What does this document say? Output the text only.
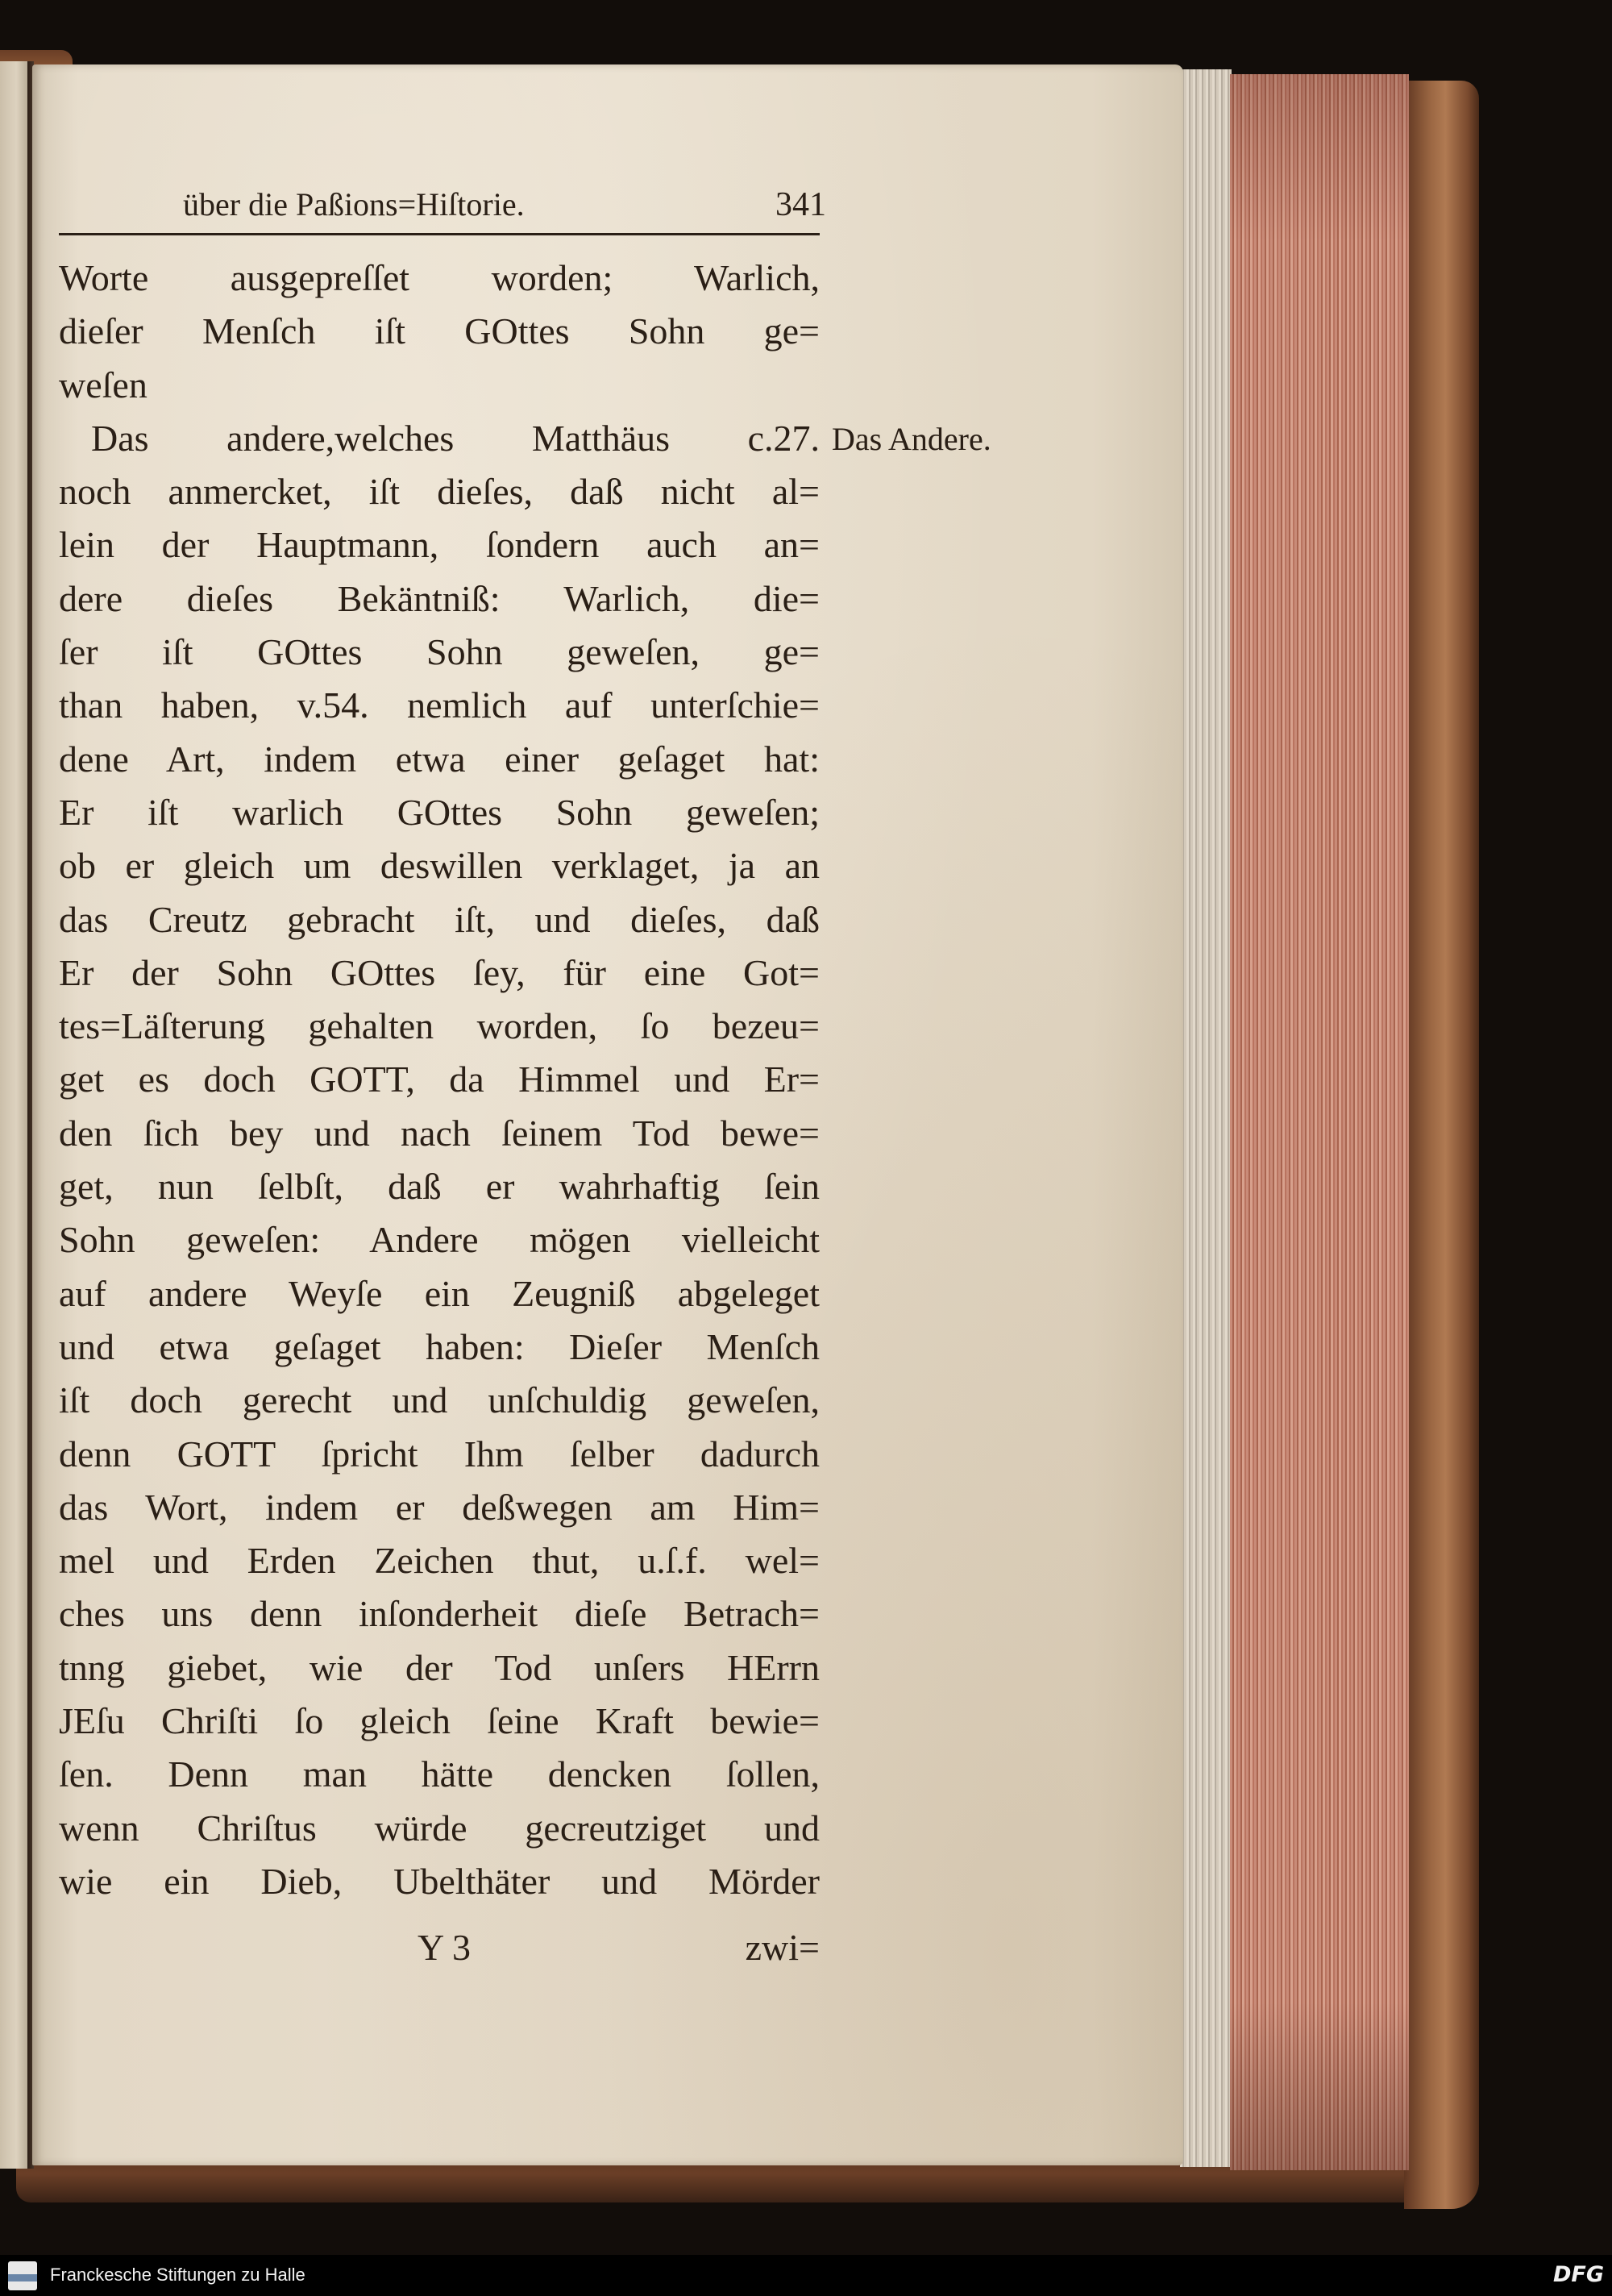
über die Paßions=Hiſtorie.	341
Worte ausgepreſſet worden; Warlich,
dieſer Menſch iſt GOttes Sohn ge=
weſen
Das andere,welches Matthäus c.27.
noch anmercket, iſt dieſes, daß nicht al=
lein der Hauptmann, ſondern auch an=
dere dieſes Bekäntniß: Warlich, die=
ſer iſt GOttes Sohn geweſen, ge=
than haben, v.54. nemlich auf unterſchie=
dene Art, indem etwa einer geſaget hat:
Er iſt warlich GOttes Sohn geweſen;
ob er gleich um deswillen verklaget, ja an
das Creutz gebracht iſt, und dieſes, daß
Er der Sohn GOttes ſey, für eine Got=
tes=Läſterung gehalten worden, ſo bezeu=
get es doch GOTT, da Himmel und Er=
den ſich bey und nach ſeinem Tod bewe=
get, nun ſelbſt, daß er wahrhaftig ſein
Sohn geweſen: Andere mögen vielleicht
auf andere Weyſe ein Zeugniß abgeleget
und etwa geſaget haben: Dieſer Menſch
iſt doch gerecht und unſchuldig geweſen,
denn GOTT ſpricht Ihm ſelber dadurch
das Wort, indem er deßwegen am Him=
mel und Erden Zeichen thut, u.ſ.f. wel=
ches uns denn inſonderheit dieſe Betrach=
tnng giebet, wie der Tod unſers HErrn
JEſu Chriſti ſo gleich ſeine Kraft bewie=
ſen. Denn man hätte dencken ſollen,
wenn Chriſtus würde gecreutziget und
wie ein Dieb, Ubelthäter und Mörder
Das Andere.
Y 3	zwi=
Franckesche Stiftungen zu Halle	DFG
